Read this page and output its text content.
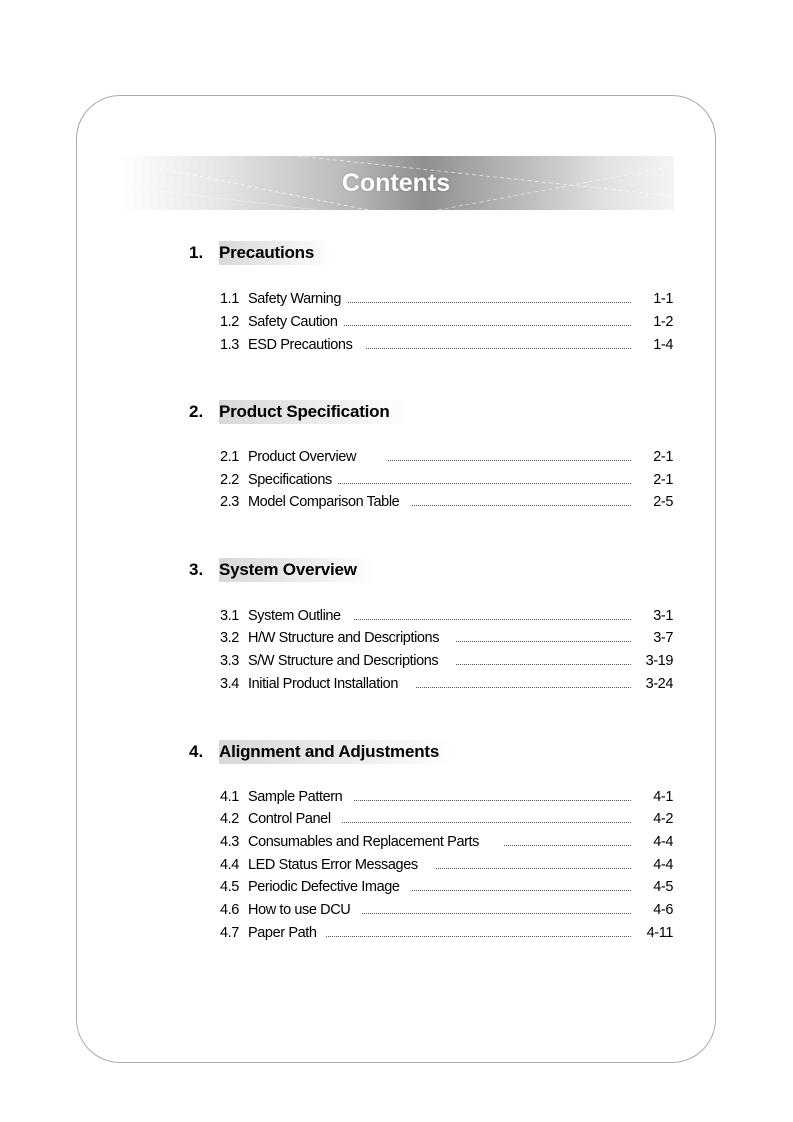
Contents
1. Precautions
1.1 Safety Warning	1-1
1.2 Safety Caution	1-2
1.3 ESD Precautions	1-4
2. Product Specification
2.1 Product Overview	2-1
2.2 Specifications	2-1
2.3 Model Comparison Table	2-5
3. System Overview
3.1 System Outline	3-1
3.2 H/W Structure and Descriptions	3-7
3.3 S/W Structure and Descriptions	3-19
3.4 Initial Product Installation	3-24
4. Alignment and Adjustments
4.1 Sample Pattern	4-1
4.2 Control Panel	4-2
4.3 Consumables and Replacement Parts	4-4
4.4 LED Status Error Messages	4-4
4.5 Periodic Defective Image	4-5
4.6 How to use DCU	4-6
4.7 Paper Path	4-11
